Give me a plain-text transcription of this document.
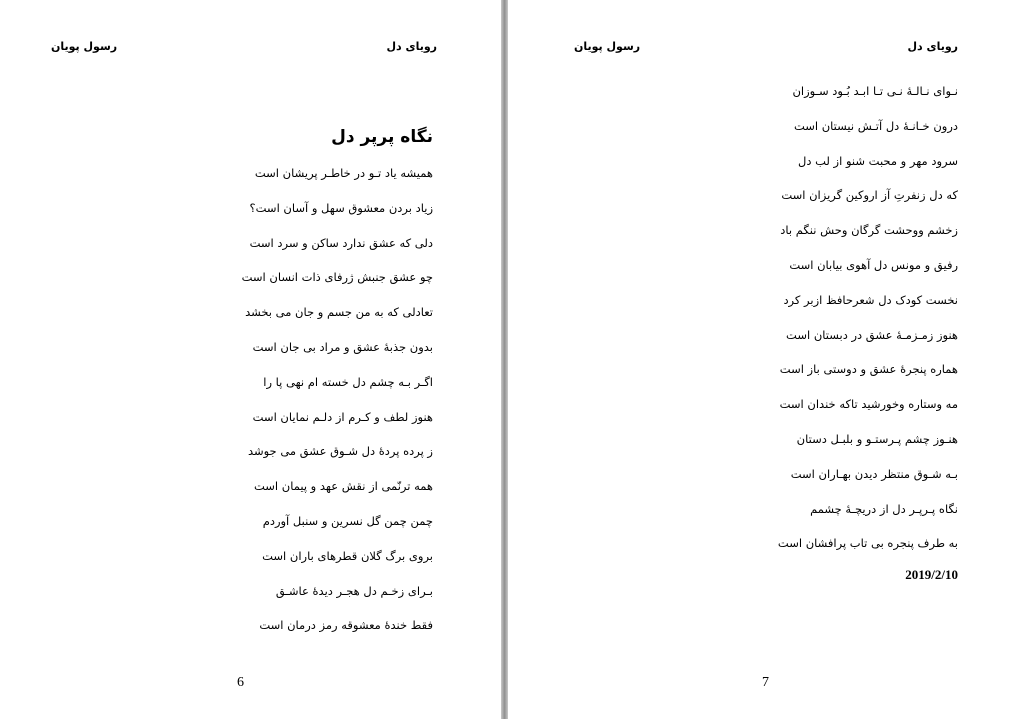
رسول پویان	رویای دل
نگاه پرپر دل
همیشه یاد تـو در خاطـر پریشان است
زیاد بردن معشوق سهل و آسان است؟
دلی که عشق ندارد ساکن و سرد است
چو عشق جنبش ژرفای ذات انسان است
تعادلی که به من جسم و جان می بخشد
بدون جذبهٔ عشق و مراد بی جان است
اگـر بـه چشم دل خسته ام نهی پا را
هنوز لطف و کـرم از دلـم نمایان است
ز پرده پردهٔ دل شـوق عشق می جوشد
همه ترنّمی از نقش عهد و پیمان است
چمن چمن گل نسرین و سنبل آوردم
بروی برگ گلان قطرهای باران است
بـرای زخـم دل هجـر دیدهٔ عاشـق
فقط خندهٔ معشوقه رمز درمان است
6
رسول پویان	رویای دل
نـوای نـالـهٔ نـی تـا ابـد بُـود سـوزان
درون خـانـهٔ دل آتـش نیستان است
سرود مهر و محبت شنو از لب دل
که دل زنفرتِ آز اروکین گریزان است
زخشم ووحشت گرگان وحش ننگم باد
رفیق و مونس دل آهوی بیابان است
نخست کودک دل شعرحافظ ازبر کرد
هنوز زمـزمـهٔ عشق در دبستان است
هماره پنجرهٔ عشق و دوستی باز است
مه وستاره وخورشید تاکه خندان است
هنـوز چشم پـرستـو و بلبـل دستان
بـه شـوق منتظر دیدن بهـاران است
نگاه پـرپـر دل از دریچـهٔ چشمم
به طرف پنجره بی تاب پرافشان است
2019/2/10
7
